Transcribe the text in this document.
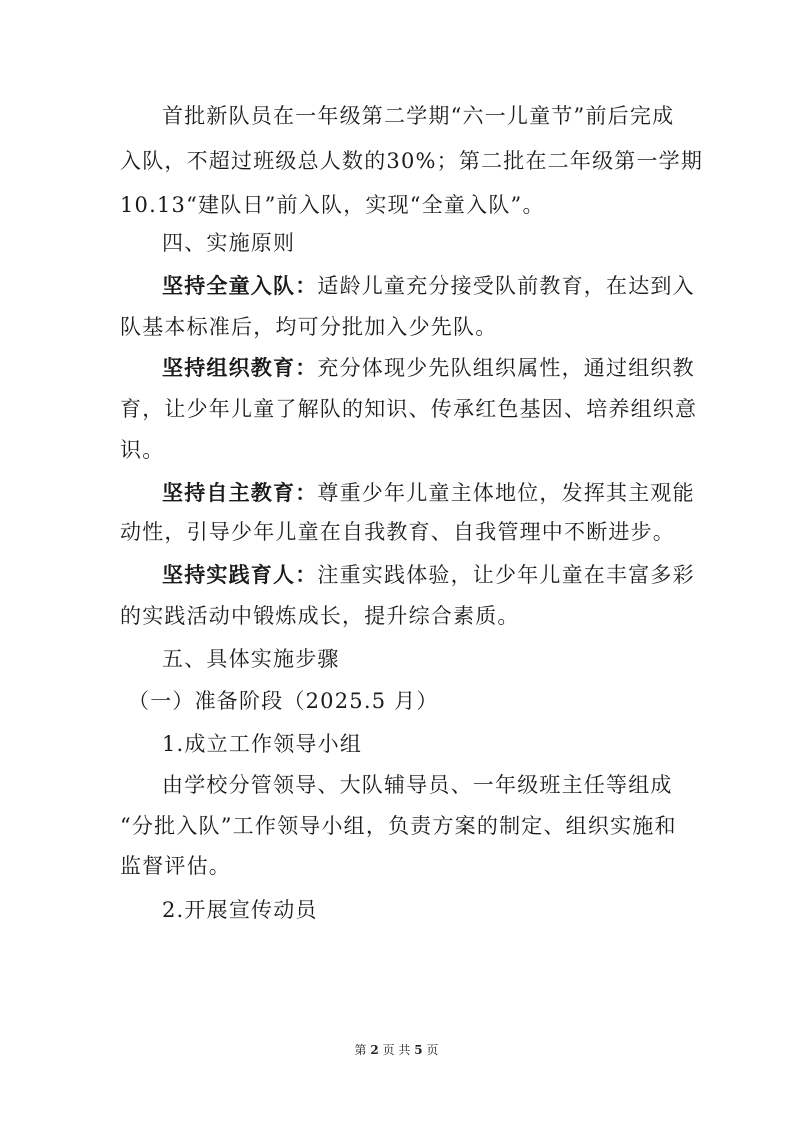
首批新队员在一年级第二学期“六一儿童节”前后完成
入队，不超过班级总人数的30%；第二批在二年级第一学期
10.13“建队日”前入队，实现“全童入队”。
四、实施原则
坚持全童入队：适龄儿童充分接受队前教育，在达到入
队基本标准后，均可分批加入少先队。
坚持组织教育：充分体现少先队组织属性，通过组织教
育，让少年儿童了解队的知识、传承红色基因、培养组织意
识。
坚持自主教育：尊重少年儿童主体地位，发挥其主观能
动性，引导少年儿童在自我教育、自我管理中不断进步。
坚持实践育人：注重实践体验，让少年儿童在丰富多彩
的实践活动中锻炼成长，提升综合素质。
五、具体实施步骤
（一）准备阶段（2025.5 月）
1.成立工作领导小组
由学校分管领导、大队辅导员、一年级班主任等组成
“分批入队”工作领导小组，负责方案的制定、组织实施和
监督评估。
2.开展宣传动员
第 2 页 共 5 页
